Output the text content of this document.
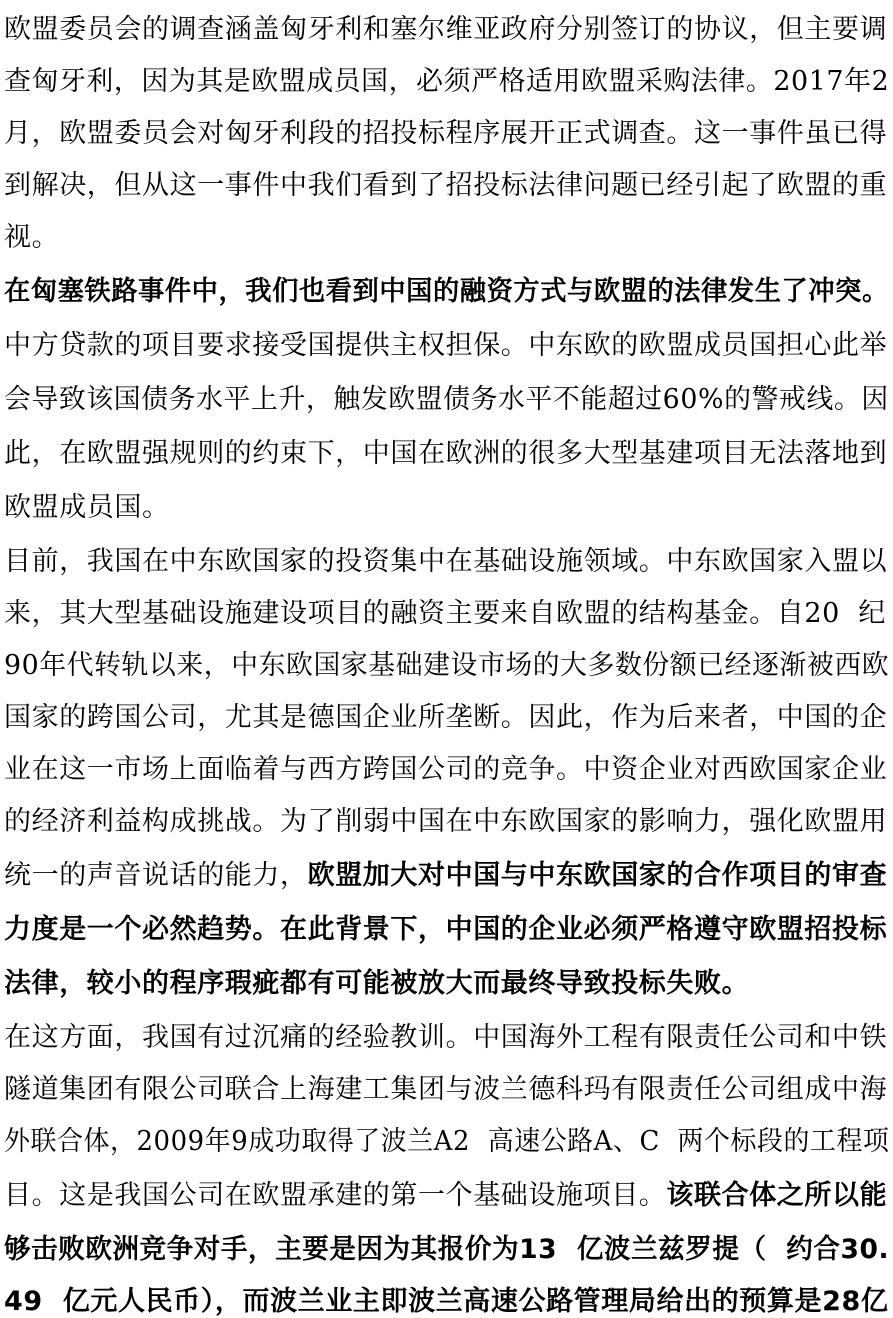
欧盟委员会的调查涵盖匈牙利和塞尔维亚政府分别签订的协议，但主要调
查匈牙利，因为其是欧盟成员国，必须严格适用欧盟采购法律。2017年2
月，欧盟委员会对匈牙利段的招投标程序展开正式调查。这一事件虽已得
到解决，但从这一事件中我们看到了招投标法律问题已经引起了欧盟的重
视。
在匈塞铁路事件中，我们也看到中国的融资方式与欧盟的法律发生了冲突。
中方贷款的项目要求接受国提供主权担保。中东欧的欧盟成员国担心此举
会导致该国债务水平上升，触发欧盟债务水平不能超过60%的警戒线。因
此，在欧盟强规则的约束下，中国在欧洲的很多大型基建项目无法落地到
欧盟成员国。
目前，我国在中东欧国家的投资集中在基础设施领域。中东欧国家入盟以
来，其大型基础设施建设项目的融资主要来自欧盟的结构基金。自20  纪
90年代转轨以来，中东欧国家基础建设市场的大多数份额已经逐渐被西欧
国家的跨国公司，尤其是德国企业所垄断。因此，作为后来者，中国的企
业在这一市场上面临着与西方跨国公司的竞争。中资企业对西欧国家企业
的经济利益构成挑战。为了削弱中国在中东欧国家的影响力，强化欧盟用
统一的声音说话的能力，欧盟加大对中国与中东欧国家的合作项目的审查
力度是一个必然趋势。在此背景下，中国的企业必须严格遵守欧盟招投标
法律，较小的程序瑕疵都有可能被放大而最终导致投标失败。
在这方面，我国有过沉痛的经验教训。中国海外工程有限责任公司和中铁
隧道集团有限公司联合上海建工集团与波兰德科玛有限责任公司组成中海
外联合体，2009年9成功取得了波兰A2  高速公路A、C  两个标段的工程项
目。这是我国公司在欧盟承建的第一个基础设施项目。该联合体之所以能
够击败欧洲竞争对手，主要是因为其报价为13  亿波兰兹罗提（  约合30.
49  亿元人民币），而波兰业主即波兰高速公路管理局给出的预算是28亿
